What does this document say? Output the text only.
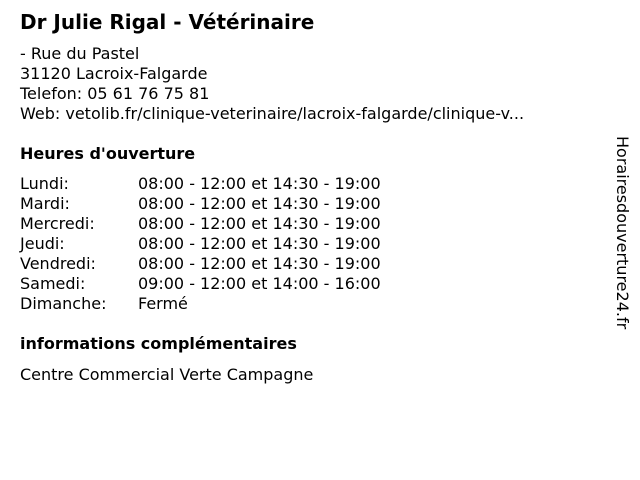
Dr Julie Rigal - Vétérinaire
- Rue du Pastel
31120 Lacroix-Falgarde
Telefon: 05 61 76 75 81
Web: vetolib.fr/clinique-veterinaire/lacroix-falgarde/clinique-v...
Heures d'ouverture
Lundi:	08:00 - 12:00 et 14:30 - 19:00
Mardi:	08:00 - 12:00 et 14:30 - 19:00
Mercredi:	08:00 - 12:00 et 14:30 - 19:00
Jeudi:	08:00 - 12:00 et 14:30 - 19:00
Vendredi:	08:00 - 12:00 et 14:30 - 19:00
Samedi:	09:00 - 12:00 et 14:00 - 16:00
Dimanche:	Fermé
informations complémentaires
Centre Commercial Verte Campagne
Horairesdouverture24.fr
